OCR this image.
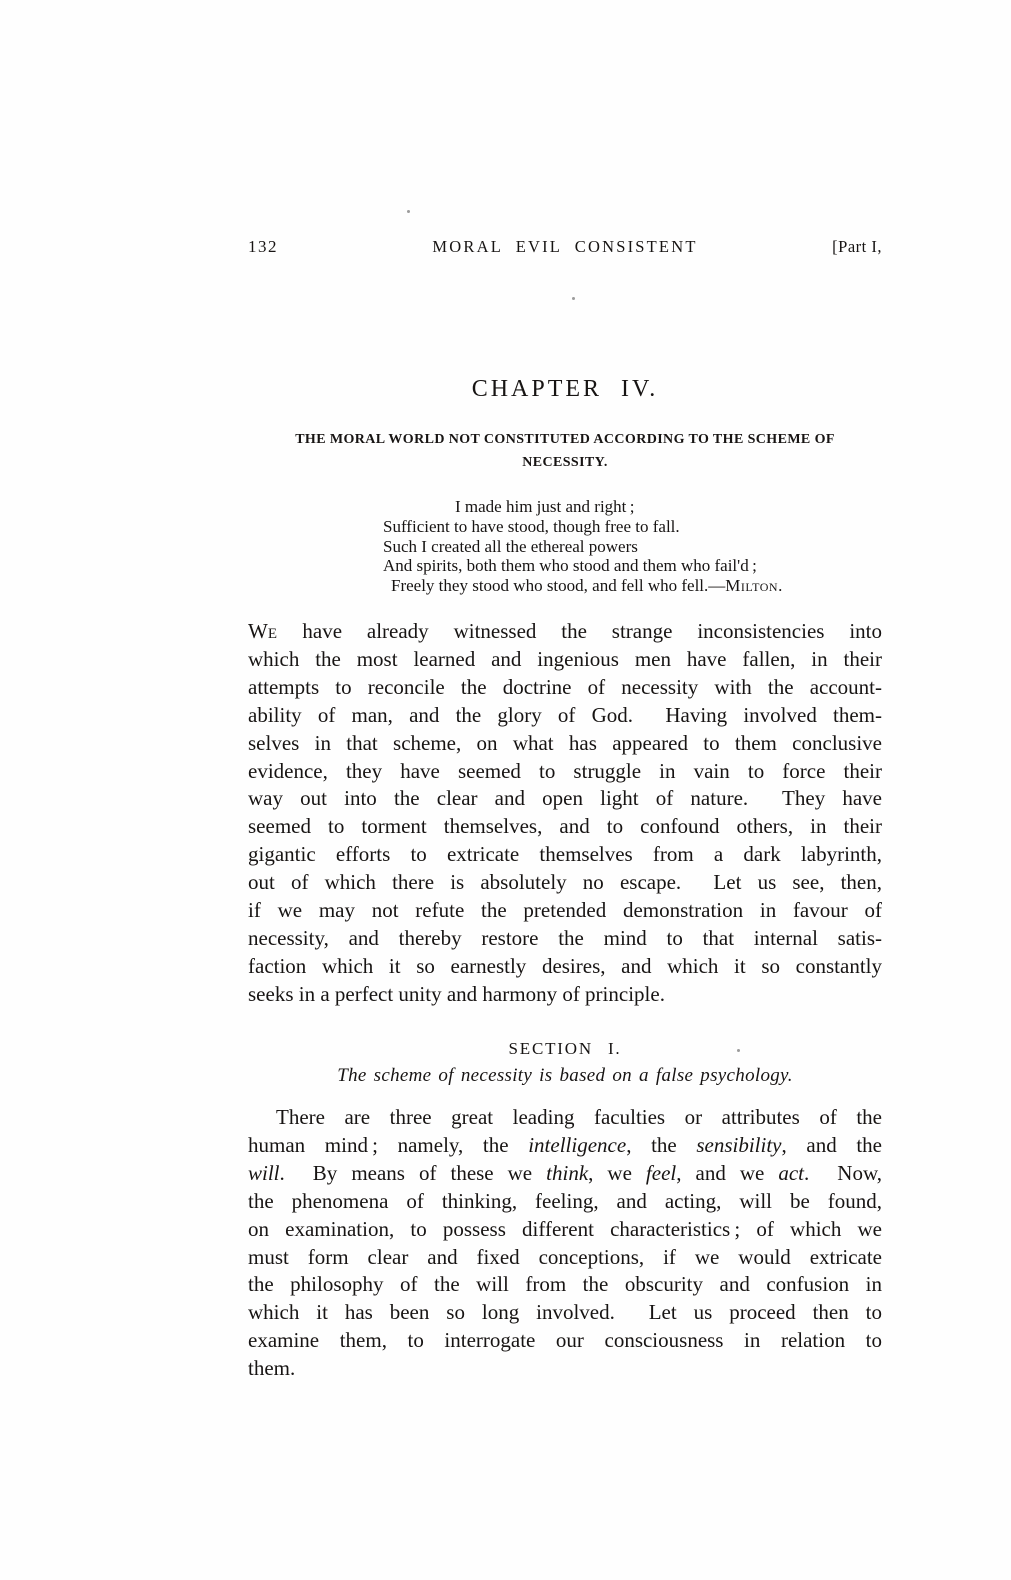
132	MORAL EVIL CONSISTENT	[Part I,
CHAPTER IV.
THE MORAL WORLD NOT CONSTITUTED ACCORDING TO THE SCHEME OF
NECESSITY.
I made him just and right ;
Sufficient to have stood, though free to fall.
Such I created all the ethereal powers
And spirits, both them who stood and them who fail'd ;
Freely they stood who stood, and fell who fell.—Milton.
We have already witnessed the strange inconsistencies into
which the most learned and ingenious men have fallen, in their
attempts to reconcile the doctrine of necessity with the account-
ability of man, and the glory of God.  Having involved them-
selves in that scheme, on what has appeared to them conclusive
evidence, they have seemed to struggle in vain to force their
way out into the clear and open light of nature.  They have
seemed to torment themselves, and to confound others, in their
gigantic efforts to extricate themselves from a dark labyrinth,
out of which there is absolutely no escape.  Let us see, then,
if we may not refute the pretended demonstration in favour of
necessity, and thereby restore the mind to that internal satis-
faction which it so earnestly desires, and which it so constantly
seeks in a perfect unity and harmony of principle.
SECTION I.
The scheme of necessity is based on a false psychology.
There are three great leading faculties or attributes of the
human mind ; namely, the intelligence, the sensibility, and the
will.  By means of these we think, we feel, and we act.  Now,
the phenomena of thinking, feeling, and acting, will be found,
on examination, to possess different characteristics ; of which we
must form clear and fixed conceptions, if we would extricate
the philosophy of the will from the obscurity and confusion in
which it has been so long involved.  Let us proceed then to
examine them, to interrogate our consciousness in relation to
them.
